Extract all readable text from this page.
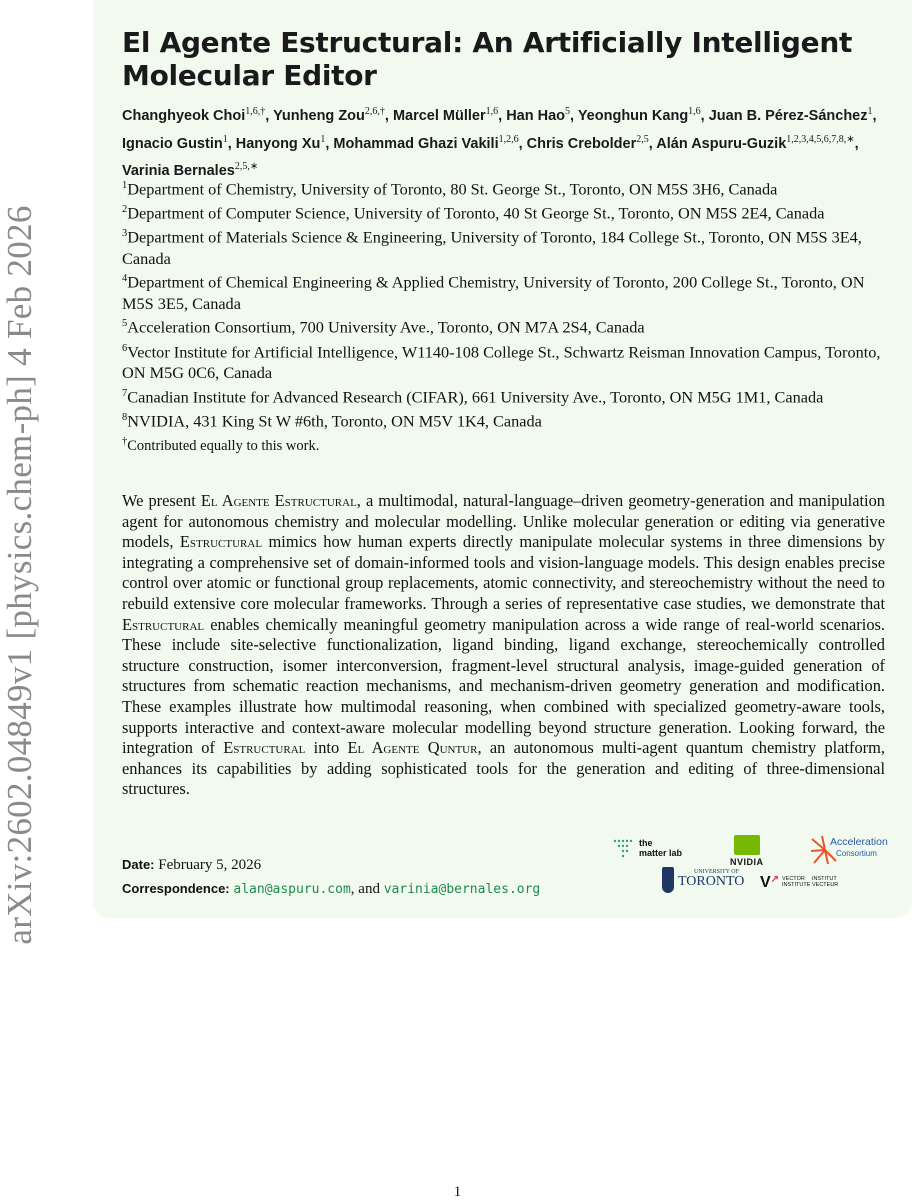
arXiv:2602.04849v1 [physics.chem-ph] 4 Feb 2026
El Agente Estructural: An Artificially Intelligent Molecular Editor
Changhyeok Choi$^{1,6,\dagger}$, Yunheng Zou$^{2,6,\dagger}$, Marcel Müller$^{1,6}$, Han Hao$^5$, Yeonghun Kang$^{1,6}$, Juan B. Pérez-Sánchez$^1$, Ignacio Gustin$^1$, Hanyong Xu$^1$, Mohammad Ghazi Vakili$^{1,2,6}$, Chris Crebolder$^{2,5}$, Alán Aspuru-Guzik$^{1,2,3,4,5,6,7,8,∗}$, Varinia Bernales$^{2,5,∗}$
$^1$Department of Chemistry, University of Toronto, 80 St. George St., Toronto, ON M5S 3H6, Canada
$^2$Department of Computer Science, University of Toronto, 40 St George St., Toronto, ON M5S 2E4, Canada
$^3$Department of Materials Science & Engineering, University of Toronto, 184 College St., Toronto, ON M5S 3E4, Canada
$^4$Department of Chemical Engineering & Applied Chemistry, University of Toronto, 200 College St., Toronto, ON M5S 3E5, Canada
$^5$Acceleration Consortium, 700 University Ave., Toronto, ON M7A 2S4, Canada
$^6$Vector Institute for Artificial Intelligence, W1140-108 College St., Schwartz Reisman Innovation Campus, Toronto, ON M5G 0C6, Canada
$^7$Canadian Institute for Advanced Research (CIFAR), 661 University Ave., Toronto, ON M5G 1M1, Canada
$^8$NVIDIA, 431 King St W #6th, Toronto, ON M5V 1K4, Canada
†Contributed equally to this work.
We present El Agente Estructural, a multimodal, natural-language–driven geometry-generation and manipulation agent for autonomous chemistry and molecular modelling. Unlike molecular generation or editing via generative models, Estructural mimics how human experts directly manipulate molecular systems in three dimensions by integrating a comprehensive set of domain-informed tools and vision-language models. This design enables precise control over atomic or functional group replacements, atomic connectivity, and stereochemistry without the need to rebuild extensive core molecular frameworks. Through a series of representative case studies, we demonstrate that Estructural enables chemically meaningful geometry manipulation across a wide range of real-world scenarios. These include site-selective functionalization, ligand binding, ligand exchange, stereochemically controlled structure construction, isomer interconversion, fragment-level structural analysis, image-guided generation of structures from schematic reaction mechanisms, and mechanism-driven geometry generation and modification. These examples illustrate how multimodal reasoning, when combined with specialized geometry-aware tools, supports interactive and context-aware molecular modelling beyond structure generation. Looking forward, the integration of Estructural into El Agente Quntur, an autonomous multi-agent quantum chemistry platform, enhances its capabilities by adding sophisticated tools for the generation and editing of three-dimensional structures.
Date: February 5, 2026
Correspondence: alan@aspuru.com, and varinia@bernales.org
the
matter lab
NVIDIA
Acceleration
Consortium
UNIVERSITY OF
TORONTO V↗ VECTOR
INSTITUTE
INSTITUT
VECTEUR
1
